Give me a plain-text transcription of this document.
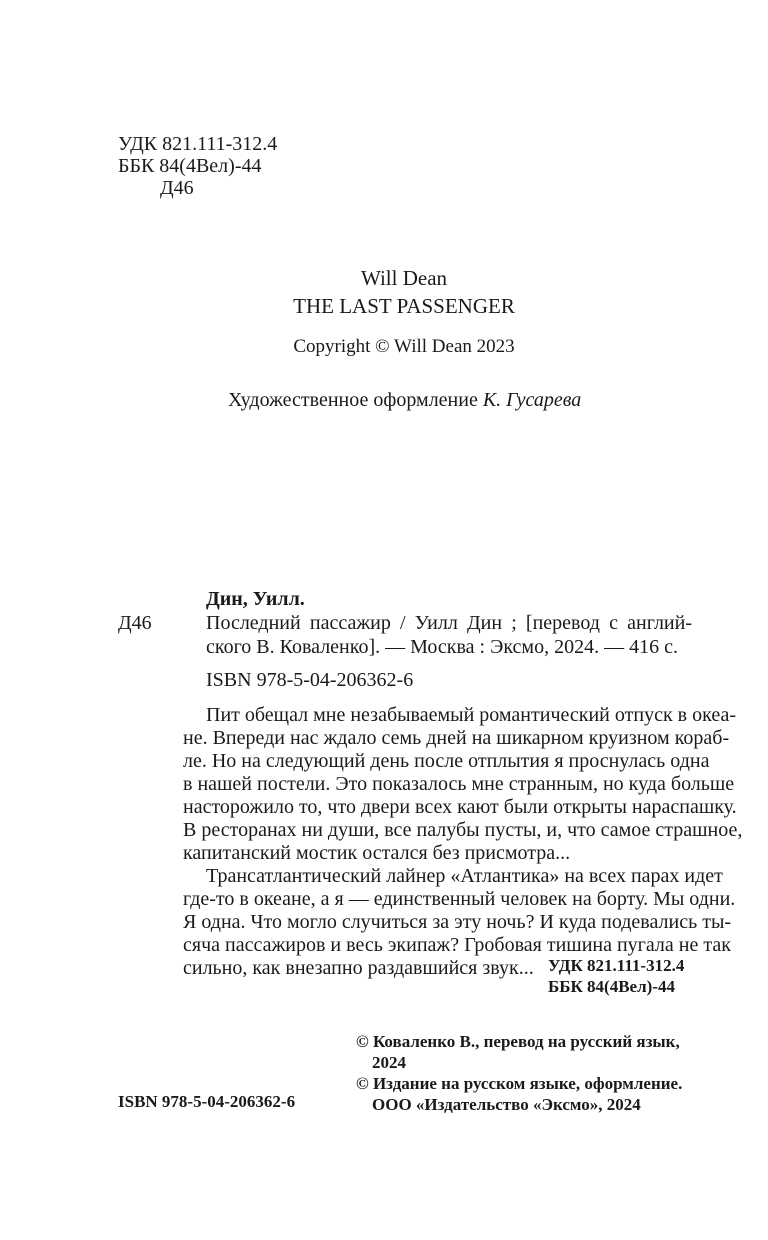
УДК 821.111-312.4
ББК 84(4Вел)-44
Д46
Will Dean
THE LAST PASSENGER
Copyright © Will Dean 2023
Художественное оформление К. Гусарева
Дин, Уилл.
Д46	Последний пассажир / Уилл Дин ; [перевод с англий-
ского В. Коваленко]. — Москва : Эксмо, 2024. — 416 с.
ISBN 978-5-04-206362-6
Пит обещал мне незабываемый романтический отпуск в океа-
не. Впереди нас ждало семь дней на шикарном круизном кораб-
ле. Но на следующий день после отплытия я проснулась одна
в нашей постели. Это показалось мне странным, но куда больше
насторожило то, что двери всех кают были открыты нараспашку.
В ресторанах ни души, все палубы пусты, и, что самое страшное,
капитанский мостик остался без присмотра...
Трансатлантический лайнер «Атлантика» на всех парах идет
где-то в океане, а я — единственный человек на борту. Мы одни.
Я одна. Что могло случиться за эту ночь? И куда подевались ты-
сяча пассажиров и весь экипаж? Гробовая тишина пугала не так
сильно, как внезапно раздавшийся звук... УДК 821.111-312.4
ББК 84(4Вел)-44
© Коваленко В., перевод на русский язык,
2024
© Издание на русском языке, оформление.
ООО «Издательство «Эксмо», 2024
ISBN 978-5-04-206362-6
